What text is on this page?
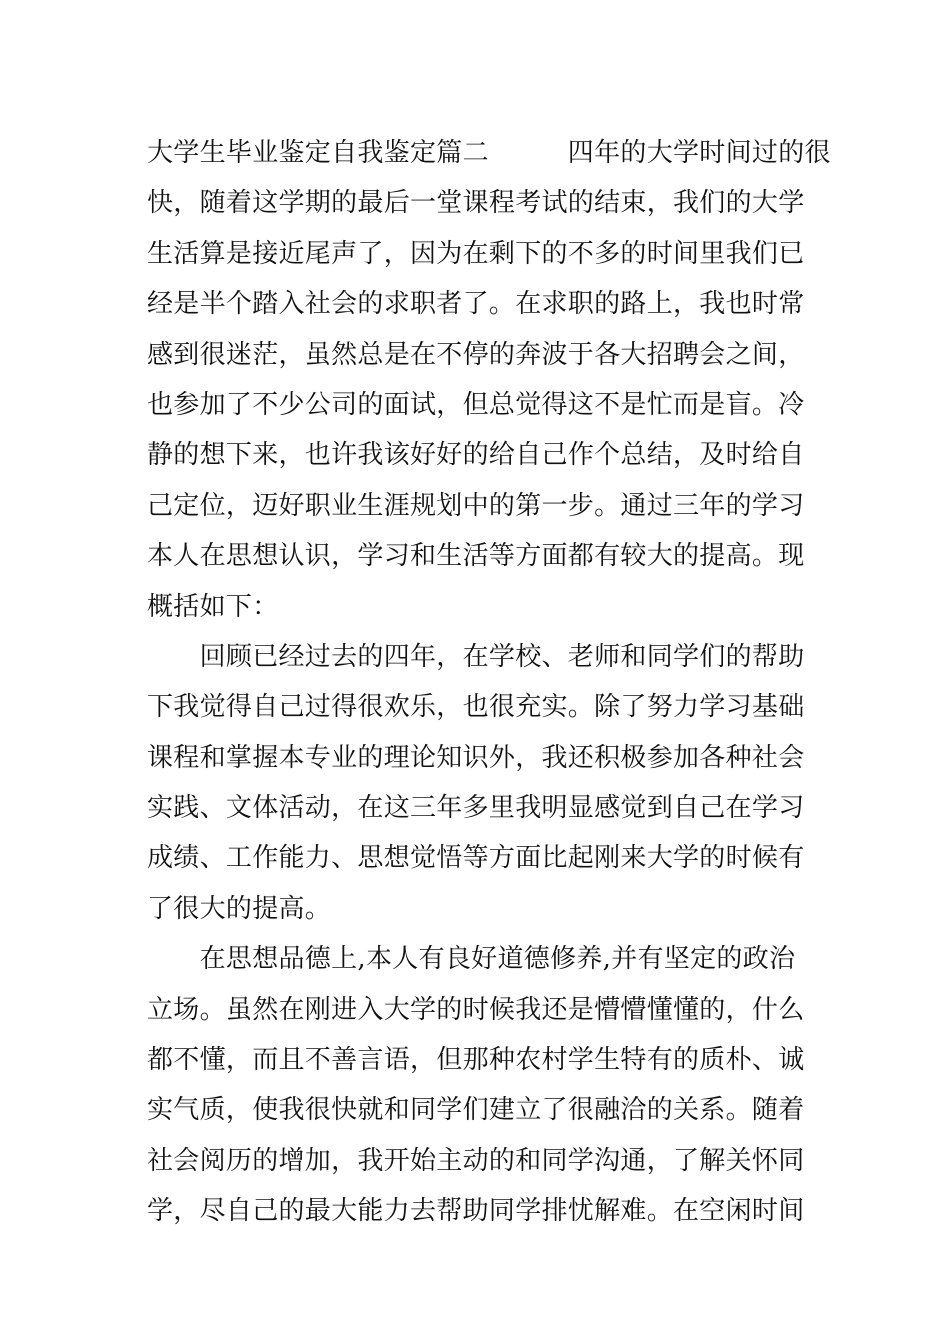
大学生毕业鉴定自我鉴定篇二　　　四年的大学时间过的很
快，随着这学期的最后一堂课程考试的结束，我们的大学
生活算是接近尾声了，因为在剩下的不多的时间里我们已
经是半个踏入社会的求职者了。在求职的路上，我也时常
感到很迷茫，虽然总是在不停的奔波于各大招聘会之间，
也参加了不少公司的面试，但总觉得这不是忙而是盲。冷
静的想下来，也许我该好好的给自己作个总结，及时给自
己定位，迈好职业生涯规划中的第一步。通过三年的学习
本人在思想认识，学习和生活等方面都有较大的提高。现
概括如下：
　　回顾已经过去的四年，在学校、老师和同学们的帮助
下我觉得自己过得很欢乐，也很充实。除了努力学习基础
课程和掌握本专业的理论知识外，我还积极参加各种社会
实践、文体活动，在这三年多里我明显感觉到自己在学习
成绩、工作能力、思想觉悟等方面比起刚来大学的时候有
了很大的提高。
　　在思想品德上,本人有良好道德修养,并有坚定的政治
立场。虽然在刚进入大学的时候我还是懵懵懂懂的，什么
都不懂，而且不善言语，但那种农村学生特有的质朴、诚
实气质，使我很快就和同学们建立了很融洽的关系。随着
社会阅历的增加，我开始主动的和同学沟通，了解关怀同
学，尽自己的最大能力去帮助同学排忧解难。在空闲时间
